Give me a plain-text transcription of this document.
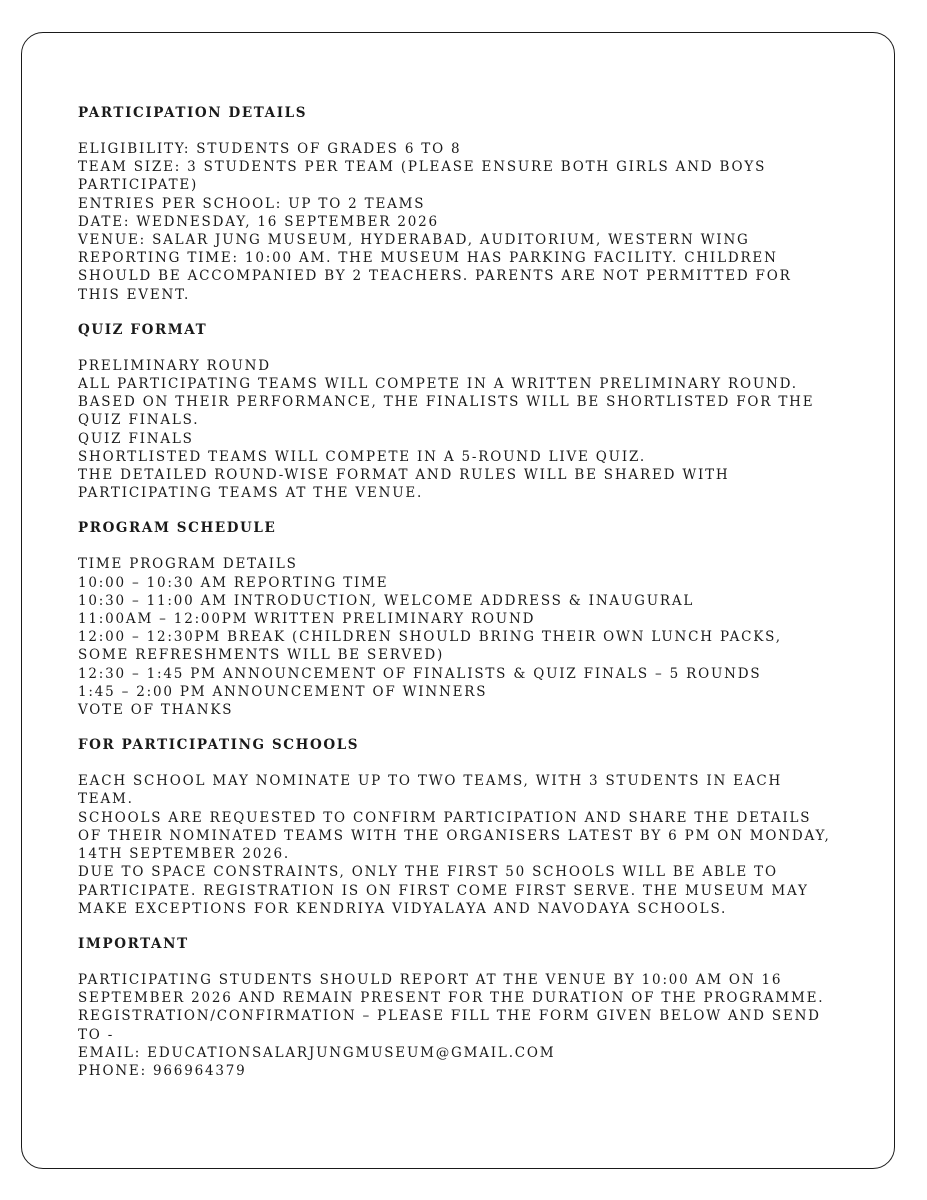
PARTICIPATION DETAILS

ELIGIBILITY: STUDENTS OF GRADES 6 TO 8

TEAM SIZE: 3 STUDENTS PER TEAM (PLEASE ENSURE BOTH GIRLS AND BOYS

PARTICIPATE)

ENTRIES PER SCHOOL: UP TO 2 TEAMS

DATE: WEDNESDAY, 16 SEPTEMBER 2026

VENUE: SALAR JUNG MUSEUM, HYDERABAD, AUDITORIUM, WESTERN WING

REPORTING TIME: 10:00 AM. THE MUSEUM HAS PARKING FACILITY. CHILDREN

SHOULD BE ACCOMPANIED BY 2 TEACHERS. PARENTS ARE NOT PERMITTED FOR

THIS EVENT.

QUIZ FORMAT

PRELIMINARY ROUND

ALL PARTICIPATING TEAMS WILL COMPETE IN A WRITTEN PRELIMINARY ROUND.

BASED ON THEIR PERFORMANCE, THE FINALISTS WILL BE SHORTLISTED FOR THE

QUIZ FINALS.

QUIZ FINALS

SHORTLISTED TEAMS WILL COMPETE IN A 5-ROUND LIVE QUIZ.

THE DETAILED ROUND-WISE FORMAT AND RULES WILL BE SHARED WITH

PARTICIPATING TEAMS AT THE VENUE.

PROGRAM SCHEDULE

TIME PROGRAM DETAILS

10:00 – 10:30 AM REPORTING TIME

10:30 – 11:00 AM INTRODUCTION, WELCOME ADDRESS & INAUGURAL

11:00AM – 12:00PM WRITTEN PRELIMINARY ROUND

12:00 – 12:30PM BREAK (CHILDREN SHOULD BRING THEIR OWN LUNCH PACKS,

SOME REFRESHMENTS WILL BE SERVED)

12:30 – 1:45 PM ANNOUNCEMENT OF FINALISTS & QUIZ FINALS – 5 ROUNDS

1:45 – 2:00 PM ANNOUNCEMENT OF WINNERS

VOTE OF THANKS

FOR PARTICIPATING SCHOOLS

EACH SCHOOL MAY NOMINATE UP TO TWO TEAMS, WITH 3 STUDENTS IN EACH

TEAM.

SCHOOLS ARE REQUESTED TO CONFIRM PARTICIPATION AND SHARE THE DETAILS

OF THEIR NOMINATED TEAMS WITH THE ORGANISERS LATEST BY 6 PM ON MONDAY,

14TH SEPTEMBER 2026.

DUE TO SPACE CONSTRAINTS, ONLY THE FIRST 50 SCHOOLS WILL BE ABLE TO

PARTICIPATE. REGISTRATION IS ON FIRST COME FIRST SERVE. THE MUSEUM MAY

MAKE EXCEPTIONS FOR KENDRIYA VIDYALAYA AND NAVODAYA SCHOOLS.

IMPORTANT

PARTICIPATING STUDENTS SHOULD REPORT AT THE VENUE BY 10:00 AM ON 16

SEPTEMBER 2026 AND REMAIN PRESENT FOR THE DURATION OF THE PROGRAMME.

REGISTRATION/CONFIRMATION – PLEASE FILL THE FORM GIVEN BELOW AND SEND

TO -

EMAIL: EDUCATIONSALARJUNGMUSEUM@GMAIL.COM

PHONE: 966964379
